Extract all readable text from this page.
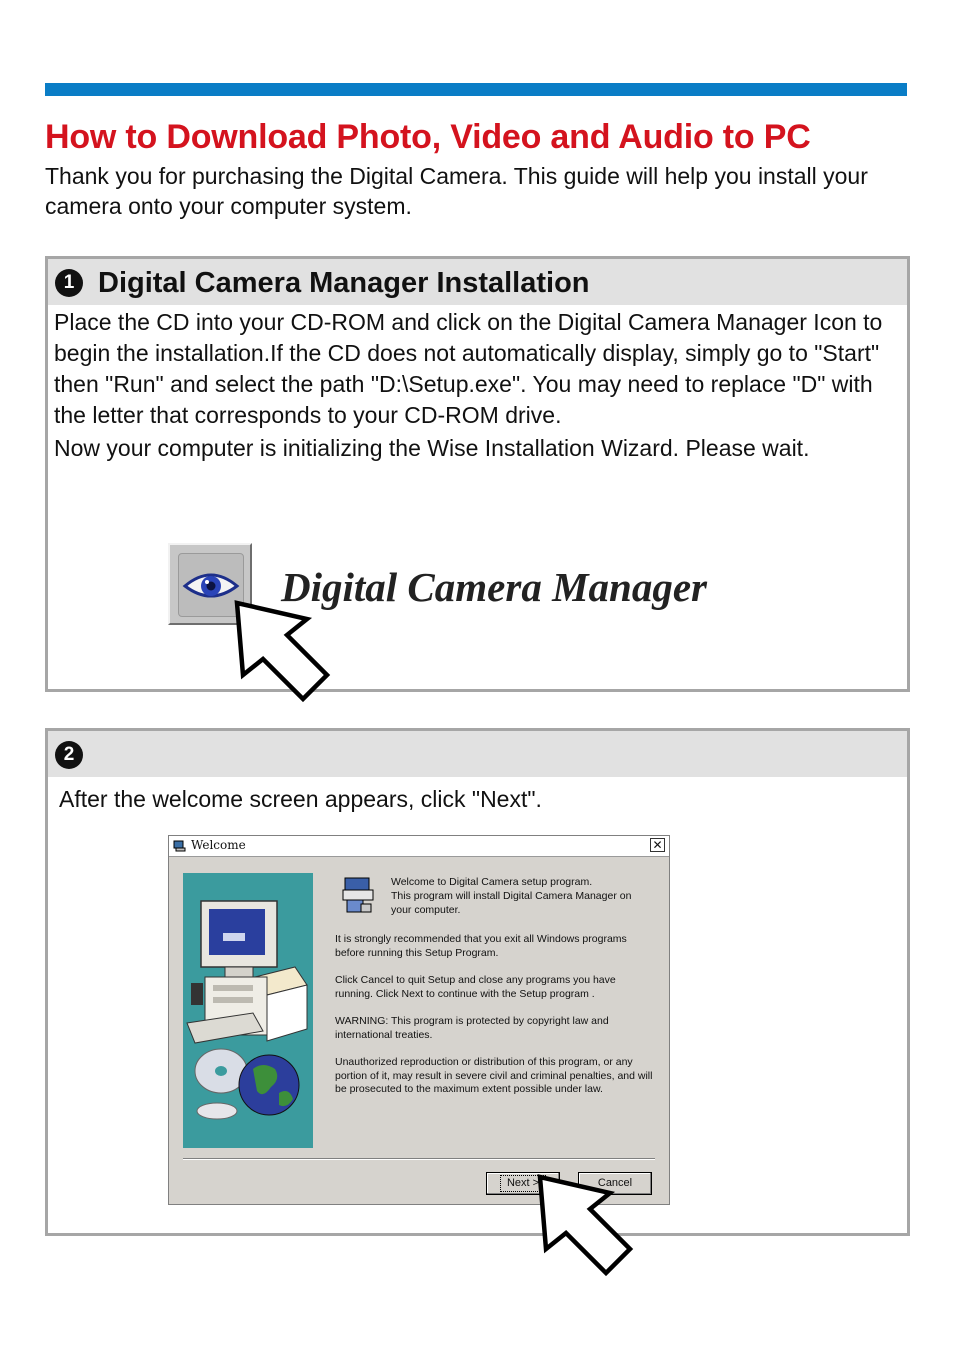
How to Download Photo, Video and Audio to PC

Thank you for purchasing the Digital Camera. This guide will help you install your camera onto your computer system.

1 Digital Camera Manager Installation

Place the CD into your CD-ROM and click on the Digital Camera Manager Icon to begin the installation.If the CD does not automatically display, simply go to "Start" then "Run" and select the path "D:\Setup.exe". You may need to replace "D" with the letter that corresponds to your CD-ROM drive.

Now your computer is initializing the Wise Installation Wizard. Please wait.

Digital Camera Manager
2

After the welcome screen appears, click "Next".

Welcome	✕

Welcome to Digital Camera setup program.

This program will install Digital Camera Manager on your computer.

It is strongly recommended that you exit all Windows programs before running this Setup Program.

Click Cancel to quit Setup and close any programs you have running. Click Next to continue with the Setup program .

WARNING: This program is protected by copyright law and international treaties.

Unauthorized reproduction or distribution of this program, or any portion of it, may result in severe civil and criminal penalties, and will be prosecuted to the maximum extent possible under law.

Next >	Cancel
